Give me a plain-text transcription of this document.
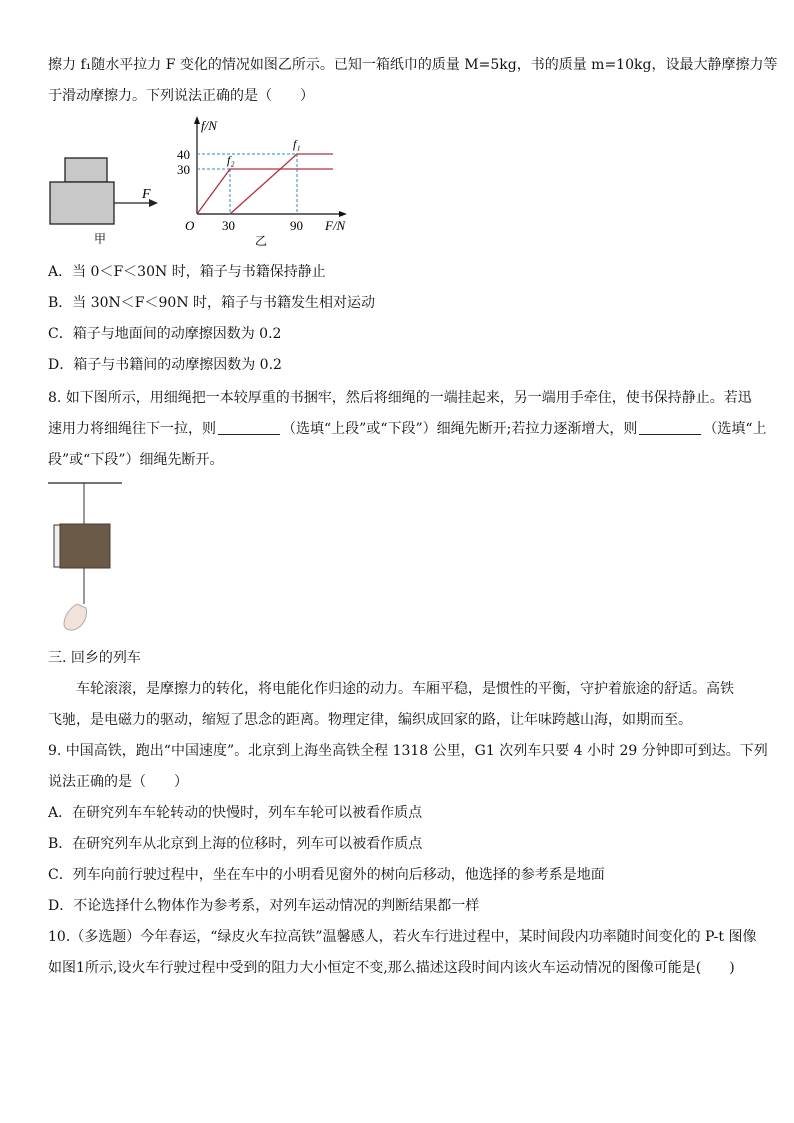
擦力 f₁随水平拉力 F 变化的情况如图乙所示。已知一箱纸巾的质量 M=5kg，书的质量 m=10kg，设最大静摩擦力等
于滑动摩擦力。下列说法正确的是（　　）
F
甲
f/N
F/N
O
40
30
30	90
f₁
f₂
乙
A．当 0＜F＜30N 时，箱子与书籍保持静止
B．当 30N＜F＜90N 时，箱子与书籍发生相对运动
C．箱子与地面间的动摩擦因数为 0.2
D．箱子与书籍间的动摩擦因数为 0.2
8. 如下图所示，用细绳把一本较厚重的书捆牢，然后将细绳的一端挂起来，另一端用手牵住，使书保持静止。若迅
速用力将细绳往下一拉，则	（选填“上段”或“下段”）细绳先断开;若拉力逐渐增大，则	（选填“上
段”或“下段”）细绳先断开。
三. 回乡的列车
车轮滚滚，是摩擦力的转化，将电能化作归途的动力。车厢平稳，是惯性的平衡，守护着旅途的舒适。高铁
飞驰，是电磁力的驱动，缩短了思念的距离。物理定律，编织成回家的路，让年味跨越山海，如期而至。
9. 中国高铁，跑出“中国速度”。北京到上海坐高铁全程 1318 公里，G1 次列车只要 4 小时 29 分钟即可到达。下列
说法正确的是（　　）
A．在研究列车车轮转动的快慢时，列车车轮可以被看作质点
B．在研究列车从北京到上海的位移时，列车可以被看作质点
C．列车向前行驶过程中，坐在车中的小明看见窗外的树向后移动，他选择的参考系是地面
D．不论选择什么物体作为参考系，对列车运动情况的判断结果都一样
10.（多选题）今年春运，“绿皮火车拉高铁”温馨感人，若火车行进过程中，某时间段内功率随时间变化的 P-t 图像
如图1所示,设火车行驶过程中受到的阻力大小恒定不变,那么描述这段时间内该火车运动情况的图像可能是(　　)
